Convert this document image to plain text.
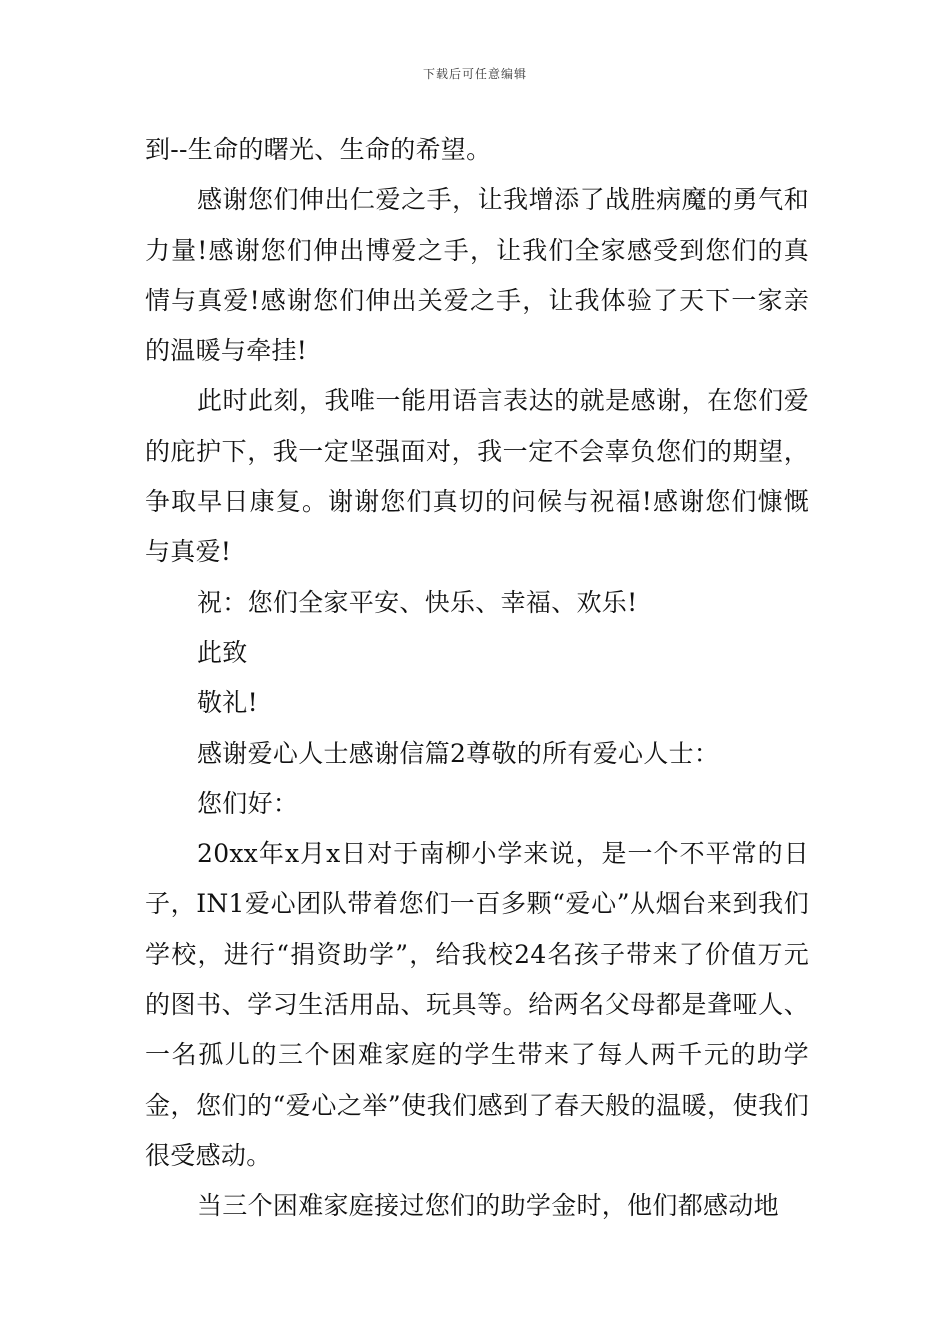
下载后可任意编辑

到--生命的曙光、生命的希望。

感谢您们伸出仁爱之手，让我增添了战胜病魔的勇气和力量!感谢您们伸出博爱之手，让我们全家感受到您们的真情与真爱!感谢您们伸出关爱之手，让我体验了天下一家亲的温暖与牵挂!

此时此刻，我唯一能用语言表达的就是感谢，在您们爱的庇护下，我一定坚强面对，我一定不会辜负您们的期望，争取早日康复。谢谢您们真切的问候与祝福!感谢您们慷慨与真爱!

祝：您们全家平安、快乐、幸福、欢乐!

此致

敬礼!

感谢爱心人士感谢信篇2尊敬的所有爱心人士：

您们好：

20xx年x月x日对于南柳小学来说，是一个不平常的日子，IN1爱心团队带着您们一百多颗“爱心”从烟台来到我们学校，进行“捐资助学”，给我校24名孩子带来了价值万元的图书、学习生活用品、玩具等。给两名父母都是聋哑人、一名孤儿的三个困难家庭的学生带来了每人两千元的助学金，您们的“爱心之举”使我们感到了春天般的温暖，使我们很受感动。

当三个困难家庭接过您们的助学金时，他们都感动地
